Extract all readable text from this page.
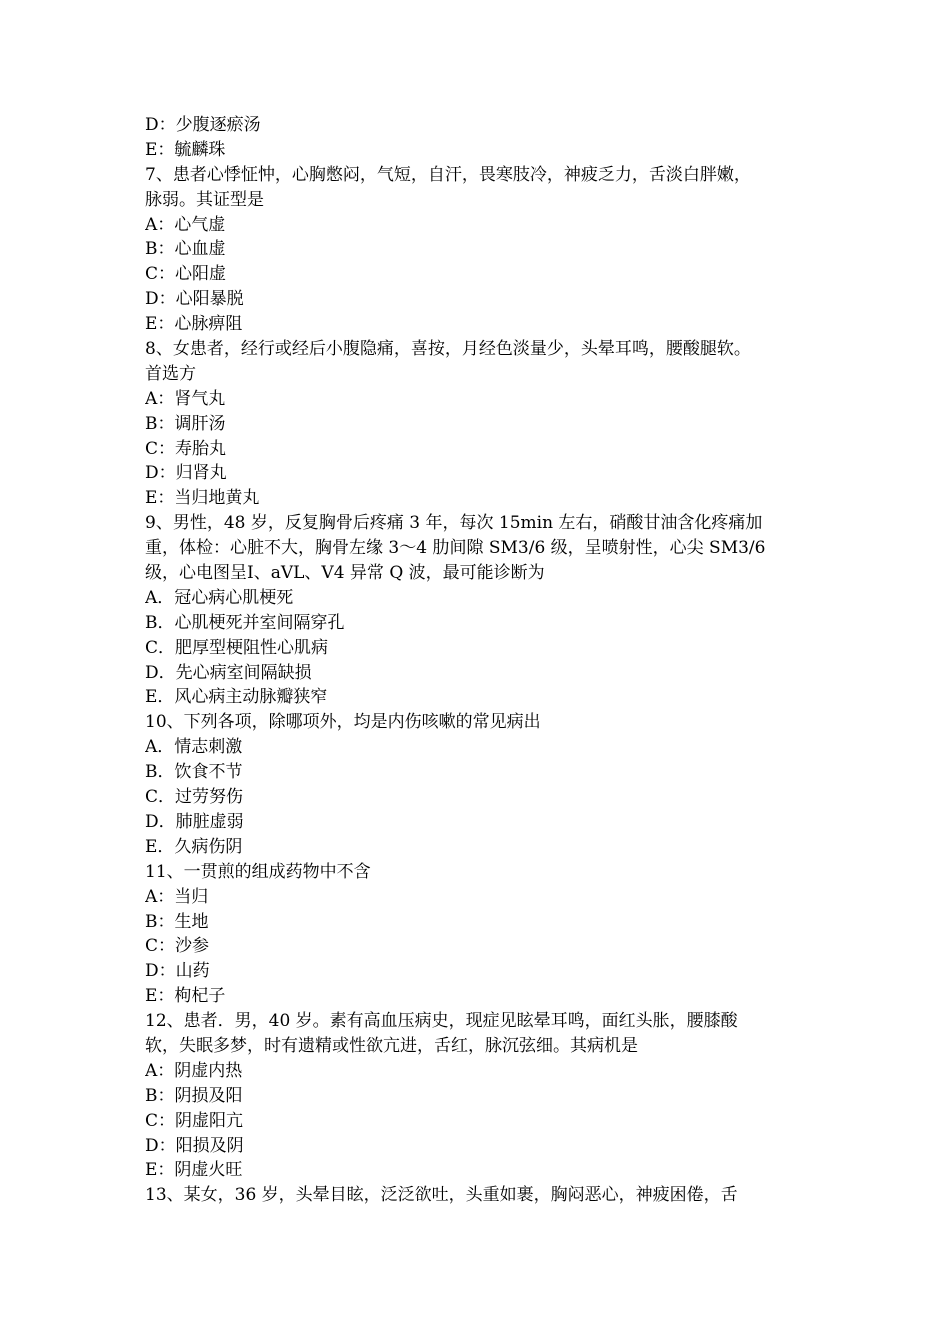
D：少腹逐瘀汤
E：毓麟珠
7、患者心悸怔忡，心胸憋闷，气短，自汗，畏寒肢冷，神疲乏力，舌淡白胖嫩，
脉弱。其证型是
A：心气虚
B：心血虚
C：心阳虚
D：心阳暴脱
E：心脉痹阻
8、女患者，经行或经后小腹隐痛，喜按，月经色淡量少，头晕耳鸣，腰酸腿软。
首选方
A：肾气丸
B：调肝汤
C：寿胎丸
D：归肾丸
E：当归地黄丸
9、男性，48 岁，反复胸骨后疼痛 3 年，每次 15min 左右，硝酸甘油含化疼痛加
重，体检：心脏不大，胸骨左缘 3～4 肋间隙 SM3/6 级，呈喷射性，心尖 SM3/6
级，心电图呈Ⅰ、aVL、V4 异常 Q 波，最可能诊断为
A．冠心病心肌梗死
B．心肌梗死并室间隔穿孔
C．肥厚型梗阻性心肌病
D．先心病室间隔缺损
E．风心病主动脉瓣狭窄
10、下列各项，除哪项外，均是内伤咳嗽的常见病出
A．情志刺激
B．饮食不节
C．过劳努伤
D．肺脏虚弱
E．久病伤阴
11、一贯煎的组成药物中不含
A：当归
B：生地
C：沙参
D：山药
E：枸杞子
12、患者．男，40 岁。素有高血压病史，现症见眩晕耳鸣，面红头胀，腰膝酸
软，失眠多梦，时有遗精或性欲亢进，舌红，脉沉弦细。其病机是
A：阴虚内热
B：阴损及阳
C：阴虚阳亢
D：阳损及阴
E：阴虚火旺
13、某女，36 岁，头晕目眩，泛泛欲吐，头重如裹，胸闷恶心，神疲困倦，舌
